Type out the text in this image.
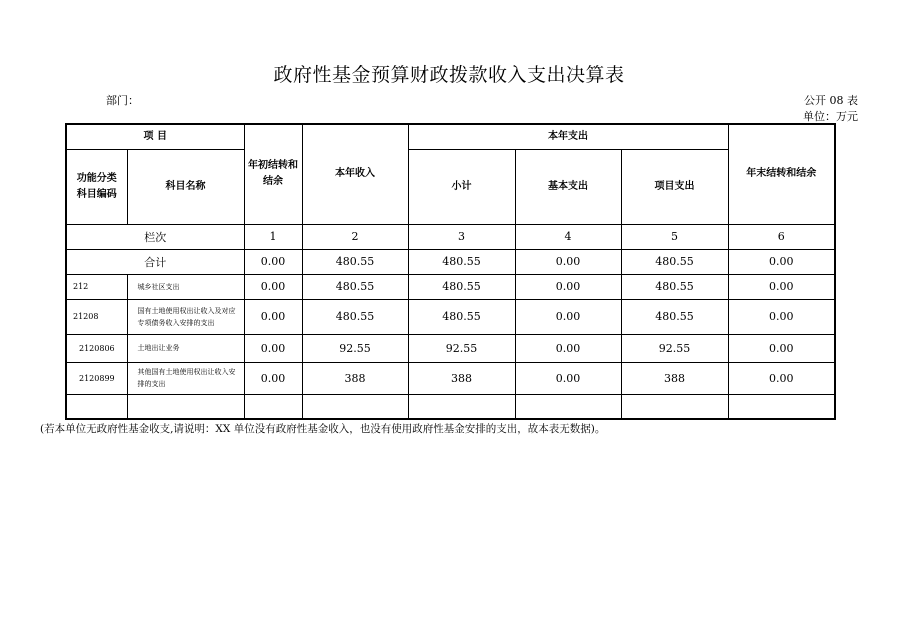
政府性基金预算财政拨款收入支出决算表
部门：	公开 08 表
单位：万元
项 目		年初结转和结余	本年收入	本年支出			年末结转和结余
功能分类科目编码	科目名称			小计	基本支出	项目支出	
栏次		1	2	3	4	5	6
合计		0.00	480.55	480.55	0.00	480.55	0.00
212	城乡社区支出	0.00	480.55	480.55	0.00	480.55	0.00
21208	国有土地使用权出让收入及对应专项债务收入安排的支出	0.00	480.55	480.55	0.00	480.55	0.00
2120806	土地出让业务	0.00	92.55	92.55	0.00	92.55	0.00
2120899	其他国有土地使用权出让收入安排的支出	0.00	388	388	0.00	388	0.00

(若本单位无政府性基金收支,请说明：XX 单位没有政府性基金收入，也没有使用政府性基金安排的支出，故本表无数据)。
